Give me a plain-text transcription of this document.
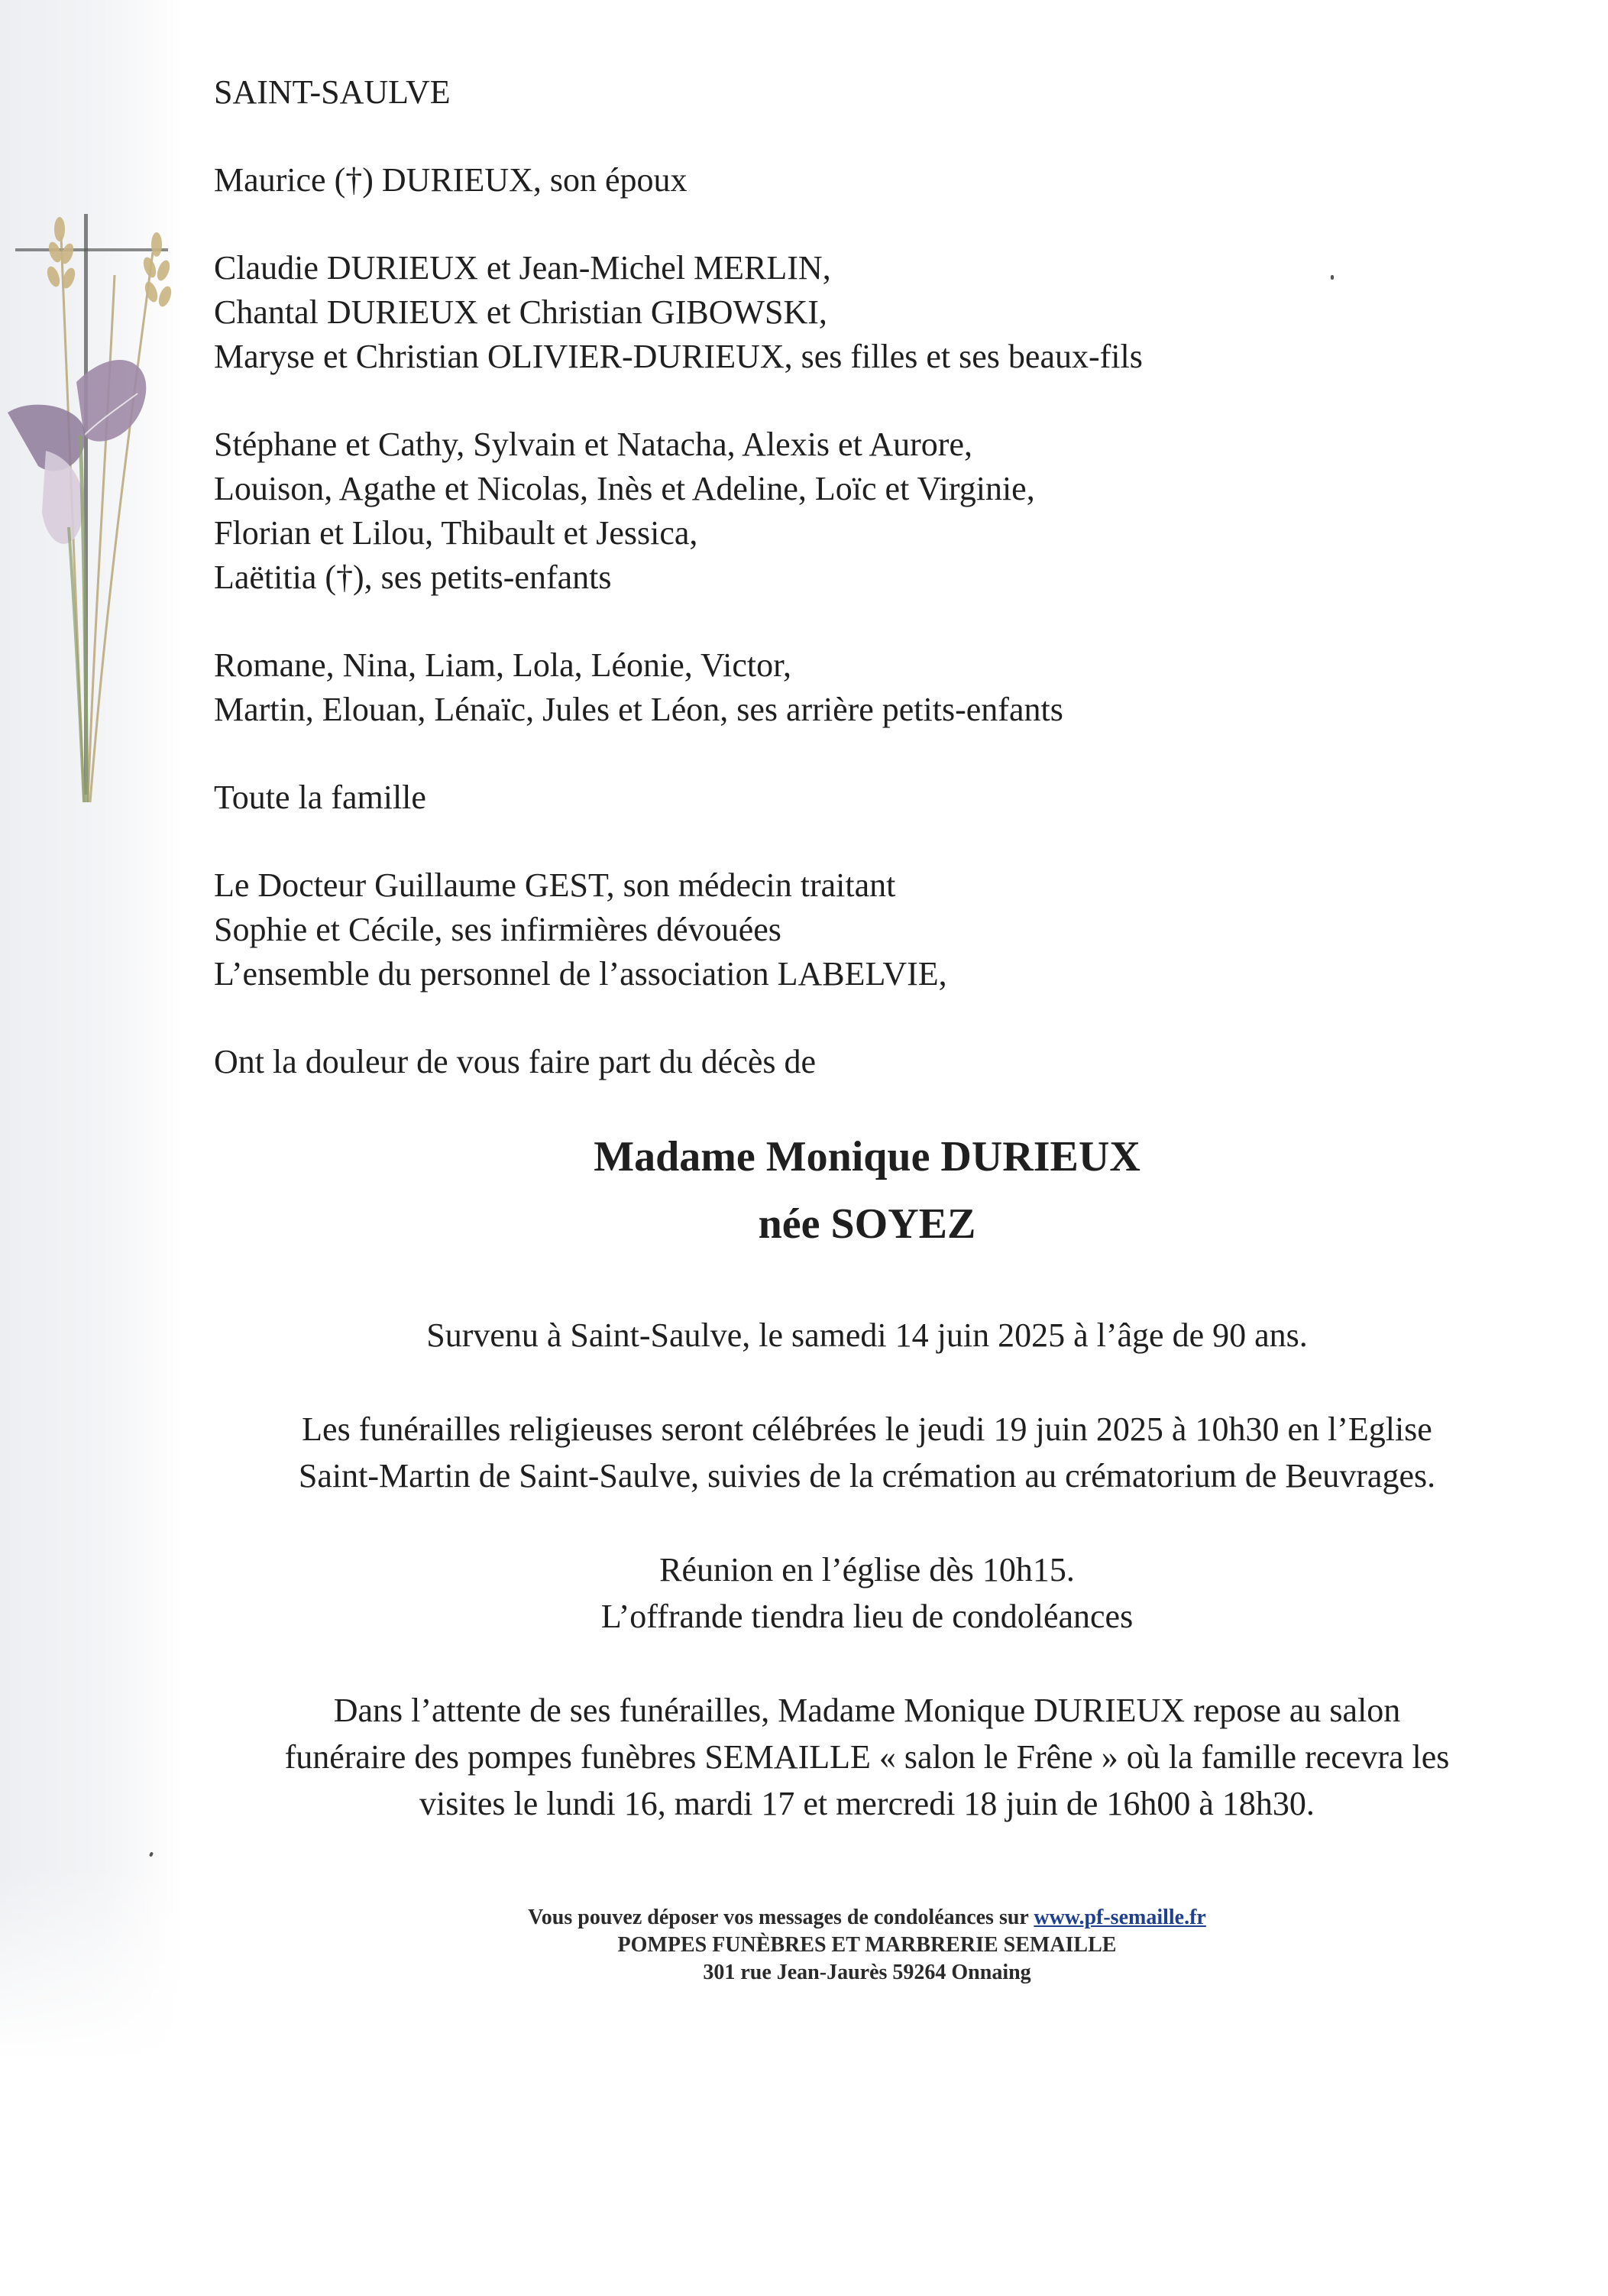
SAINT-SAULVE
Maurice (†) DURIEUX, son époux
Claudie DURIEUX et Jean-Michel MERLIN,
Chantal DURIEUX et Christian GIBOWSKI,
Maryse et Christian OLIVIER-DURIEUX, ses filles et ses beaux-fils
Stéphane et Cathy, Sylvain et Natacha, Alexis et Aurore,
Louison, Agathe et Nicolas, Inès et Adeline, Loïc et Virginie,
Florian et Lilou, Thibault et Jessica,
Laëtitia (†), ses petits-enfants
Romane, Nina, Liam, Lola, Léonie, Victor,
Martin, Elouan, Lénaïc, Jules et Léon, ses arrière petits-enfants
Toute la famille
Le Docteur Guillaume GEST, son médecin traitant
Sophie et Cécile, ses infirmières dévouées
L’ensemble du personnel de l’association LABELVIE,
Ont la douleur de vous faire part du décès de
Madame Monique DURIEUX
née SOYEZ
Survenu à Saint-Saulve, le samedi 14 juin 2025 à l’âge de 90 ans.
Les funérailles religieuses seront célébrées le jeudi 19 juin 2025 à 10h30 en l’Eglise
Saint-Martin de Saint-Saulve, suivies de la crémation au crématorium de Beuvrages.
Réunion en l’église dès 10h15.
L’offrande tiendra lieu de condoléances
Dans l’attente de ses funérailles, Madame Monique DURIEUX repose au salon
funéraire des pompes funèbres SEMAILLE « salon le Frêne » où la famille recevra les
visites le lundi 16, mardi 17 et mercredi 18 juin de 16h00 à 18h30.
Vous pouvez déposer vos messages de condoléances sur www.pf-semaille.fr
POMPES FUNÈBRES ET MARBRERIE SEMAILLE
301 rue Jean-Jaurès 59264 Onnaing
